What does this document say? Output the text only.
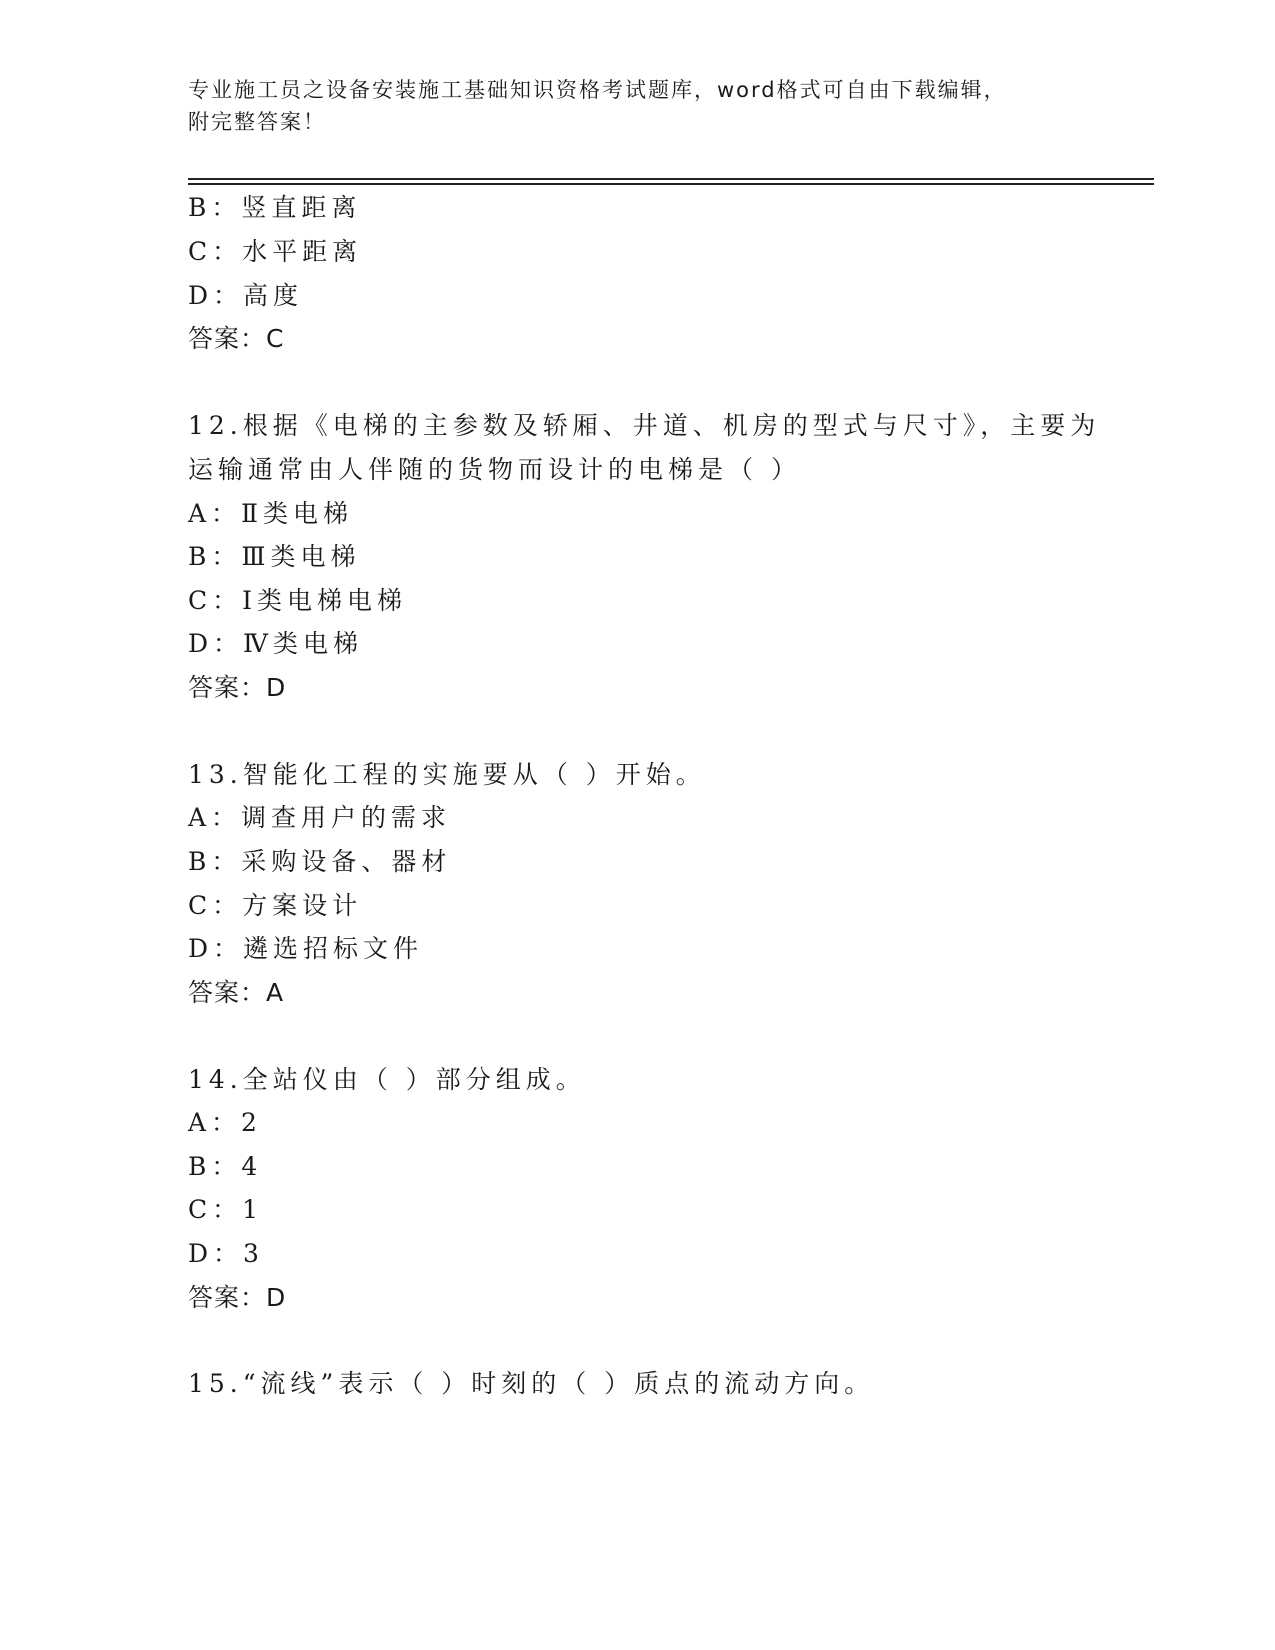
专业施工员之设备安装施工基础知识资格考试题库，word格式可自由下载编辑，
附完整答案！
B：竖直距离
C：水平距离
D：高度
答案：C
12.根据《电梯的主参数及轿厢、井道、机房的型式与尺寸》，主要为
运输通常由人伴随的货物而设计的电梯是（ ）
A：Ⅱ类电梯
B：Ⅲ类电梯
C：Ⅰ类电梯电梯
D：Ⅳ类电梯
答案：D
13.智能化工程的实施要从（ ）开始。
A：调查用户的需求
B：采购设备、器材
C：方案设计
D：遴选招标文件
答案：A
14.全站仪由（ ）部分组成。
A：2
B：4
C：1
D：3
答案：D
15.“流线”表示（ ）时刻的（ ）质点的流动方向。
